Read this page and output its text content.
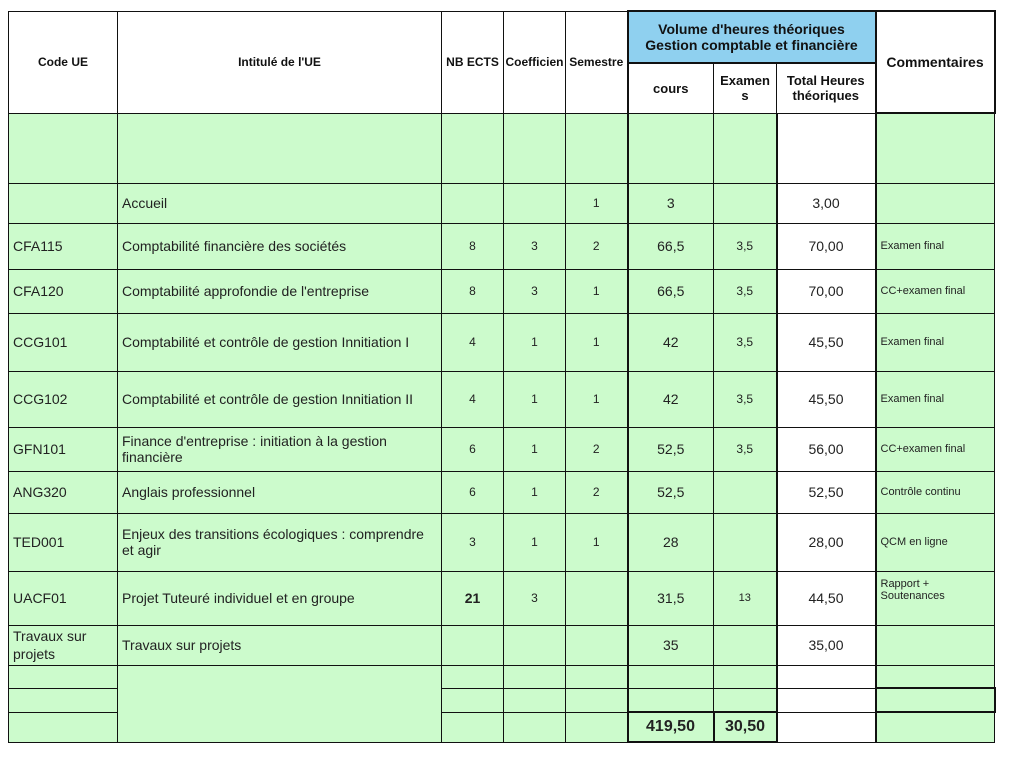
Code UE	Intitulé de l'UE	NB ECTS	Coefficien	Semestre	Volume d'heures théoriques
Gestion comptable et financière			Commentaires
					cours	Examen s	Total Heures théoriques	

	Accueil			1	3		3,00	
CFA115	Comptabilité financière des sociétés	8	3	2	66,5	3,5	70,00	Examen final
CFA120	Comptabilité approfondie de l'entreprise	8	3	1	66,5	3,5	70,00	CC+examen final
CCG101	Comptabilité et contrôle de gestion Innitiation I	4	1	1	42	3,5	45,50	Examen final
CCG102	Comptabilité et contrôle de gestion Innitiation II	4	1	1	42	3,5	45,50	Examen final
GFN101	Finance d'entreprise : initiation à la gestion financière	6	1	2	52,5	3,5	56,00	CC+examen final
ANG320	Anglais professionnel	6	1	2	52,5		52,50	Contrôle continu
TED001	Enjeux des transitions écologiques : comprendre et agir	3	1	1	28		28,00	QCM en ligne
UACF01	Projet Tuteuré individuel et en groupe	21	3		31,5	13	44,50	Rapport + Soutenances
Travaux sur projets	Travaux sur projets				35		35,00	

					419,50	30,50		
